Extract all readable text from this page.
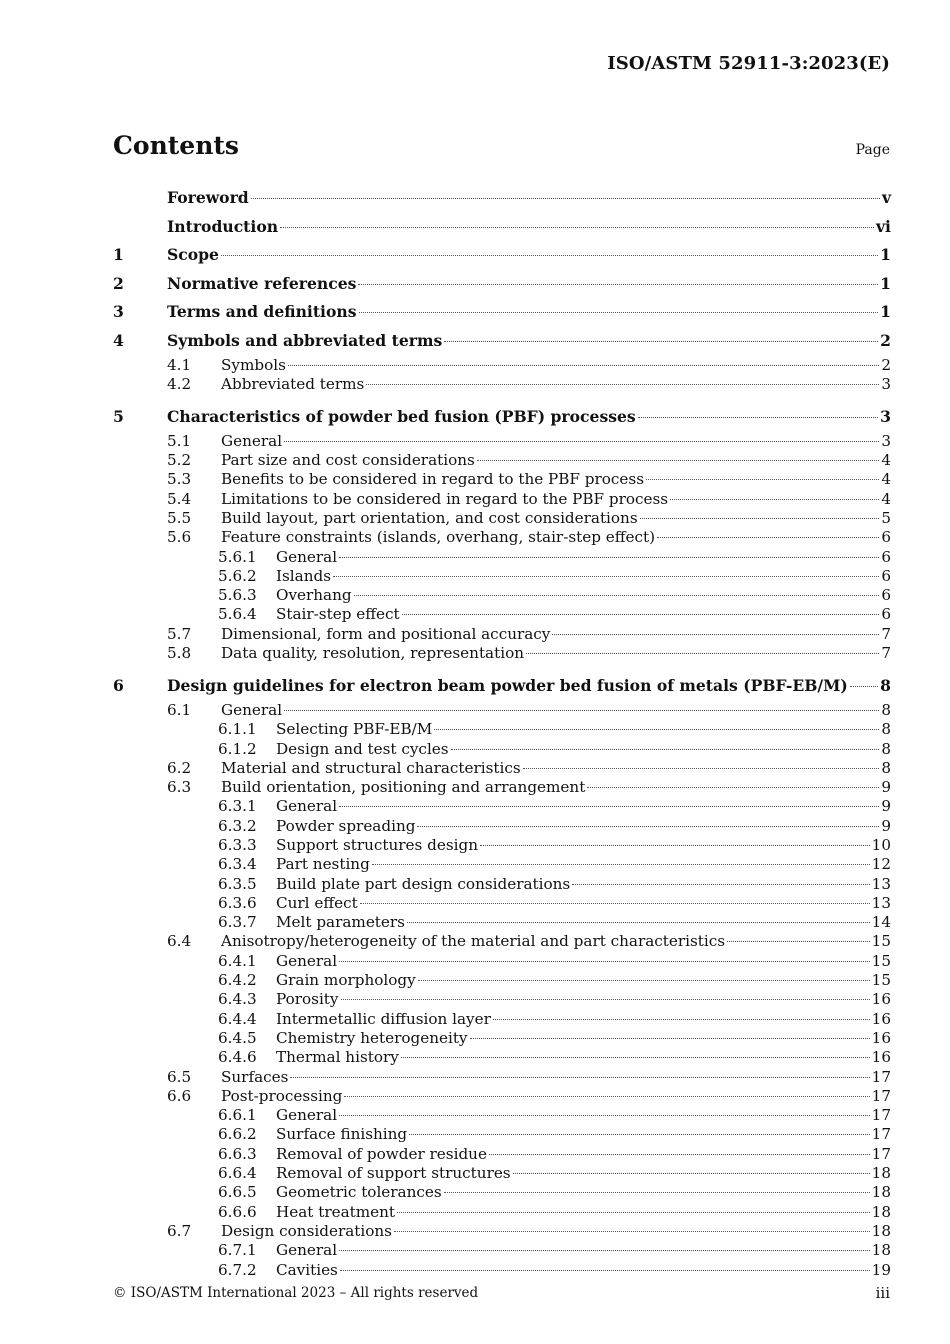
ISO/ASTM 52911-3:2023(E)
Contents	Page
Foreword	v
Introduction	vi
1	Scope	1
2	Normative references	1
3	Terms and definitions	1
4	Symbols and abbreviated terms	2
4.1	Symbols	2
4.2	Abbreviated terms	3
5	Characteristics of powder bed fusion (PBF) processes	3
5.1	General	3
5.2	Part size and cost considerations	4
5.3	Benefits to be considered in regard to the PBF process	4
5.4	Limitations to be considered in regard to the PBF process	4
5.5	Build layout, part orientation, and cost considerations	5
5.6	Feature constraints (islands, overhang, stair-step effect)	6
5.6.1	General	6
5.6.2	Islands	6
5.6.3	Overhang	6
5.6.4	Stair-step effect	6
5.7	Dimensional, form and positional accuracy	7
5.8	Data quality, resolution, representation	7
6	Design guidelines for electron beam powder bed fusion of metals (PBF-EB/M) 8
6.1	General	8
6.1.1	Selecting PBF-EB/M	8
6.1.2	Design and test cycles	8
6.2	Material and structural characteristics	8
6.3	Build orientation, positioning and arrangement	9
6.3.1	General	9
6.3.2	Powder spreading	9
6.3.3	Support structures design	10
6.3.4	Part nesting	12
6.3.5	Build plate part design considerations	13
6.3.6	Curl effect	13
6.3.7	Melt parameters	14
6.4	Anisotropy/heterogeneity of the material and part characteristics	15
6.4.1	General	15
6.4.2	Grain morphology	15
6.4.3	Porosity	16
6.4.4	Intermetallic diffusion layer	16
6.4.5	Chemistry heterogeneity	16
6.4.6	Thermal history	16
6.5	Surfaces	17
6.6	Post-processing	17
6.6.1	General	17
6.6.2	Surface finishing	17
6.6.3	Removal of powder residue	17
6.6.4	Removal of support structures	18
6.6.5	Geometric tolerances	18
6.6.6	Heat treatment	18
6.7	Design considerations	18
6.7.1	General	18
6.7.2	Cavities	19
© ISO/ASTM International 2023 – All rights reserved	iii
